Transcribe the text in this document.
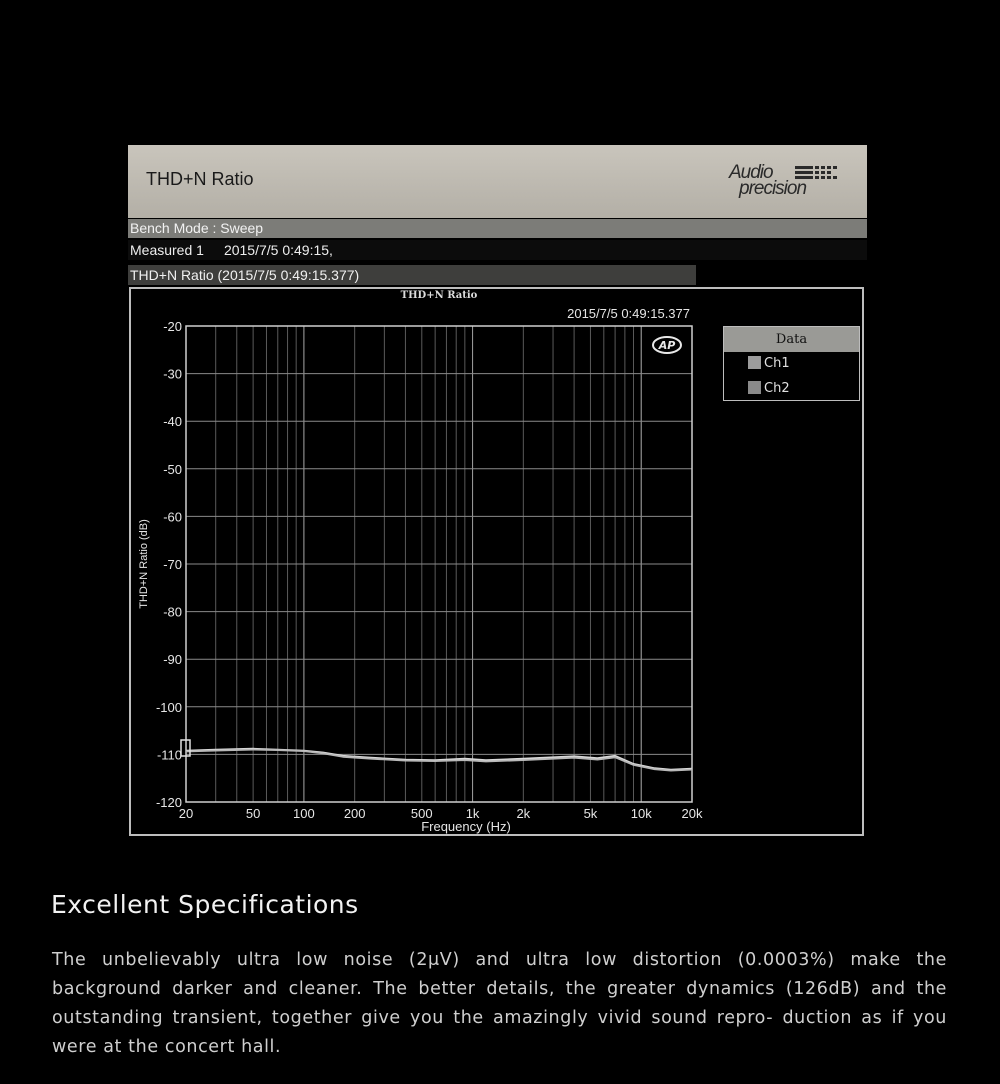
THD+N Ratio	Audio
precision
Bench Mode : Sweep
Measured 1 2015/7/5 0:49:15,
THD+N Ratio (2015/7/5 0:49:15.377)
-20
-30
-40
-50
-60
-70
-80
-90
-100
-110
-120
20	50	100 200	500	1k	2k	5k	10k 20k
THD+N Ratio
2015/7/5 0:49:15.377
Frequency (Hz)
THD+N Ratio (dB)
AP	Data
Ch1
Ch2
Excellent Specifications
The unbelievably ultra low noise (2μV) and ultra low distortion (0.0003%) make the background darker and cleaner. The better details, the greater dynamics (126dB) and the outstanding transient, together give you the amazingly vivid sound repro- duction as if you were at the concert hall.
